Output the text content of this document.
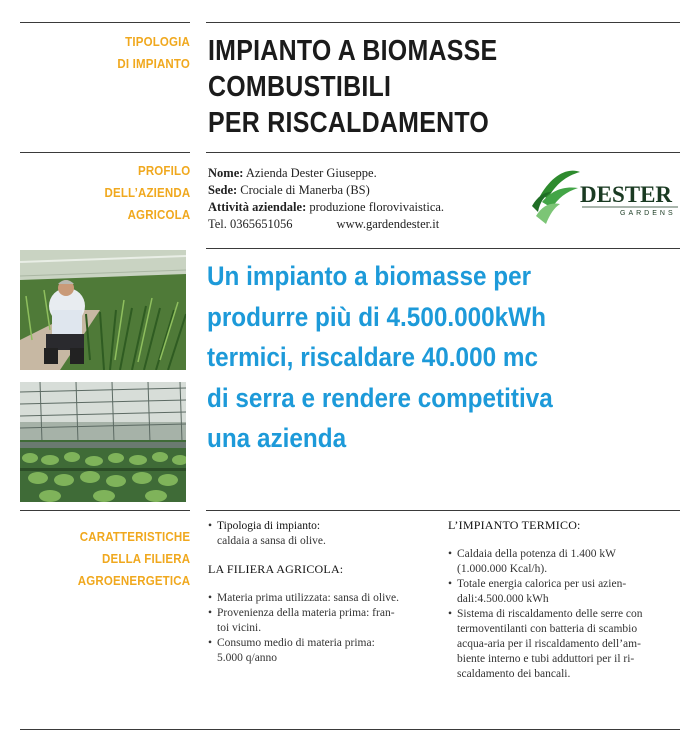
TIPOLOGIA
DI IMPIANTO
PROFILO
DELL’AZIENDA
AGRICOLA
CARATTERISTICHE
DELLA FILIERA
AGROENERGETICA
IMPIANTO A BIOMASSE
COMBUSTIBILI
PER RISCALDAMENTO
Nome: Azienda Dester Giuseppe.
Sede: Crociale di Manerba (BS)
Attività aziendale: produzione florovivaistica.
Tel. 0365651056	www.gardendester.it
DESTER
GARDENS
Un impianto a biomasse per
produrre più di 4.500.000kWh
termici, riscaldare 40.000 mc
di serra e rendere competitiva
una azienda
• Tipologia di impianto:
caldaia a sansa di olive.
LA FILIERA AGRICOLA:
• Materia prima utilizzata: sansa di olive.
• Provenienza della materia prima: fran-
toi vicini.
• Consumo medio di materia prima:
5.000 q/anno
L’IMPIANTO TERMICO:
• Caldaia della potenza di 1.400 kW
(1.000.000 Kcal/h).
• Totale energia calorica per usi azien-
dali:4.500.000 kWh
• Sistema di riscaldamento delle serre con
termoventilanti con batteria di scambio
acqua-aria per il riscaldamento dell’am-
biente interno e tubi adduttori per il ri-
scaldamento dei bancali.
